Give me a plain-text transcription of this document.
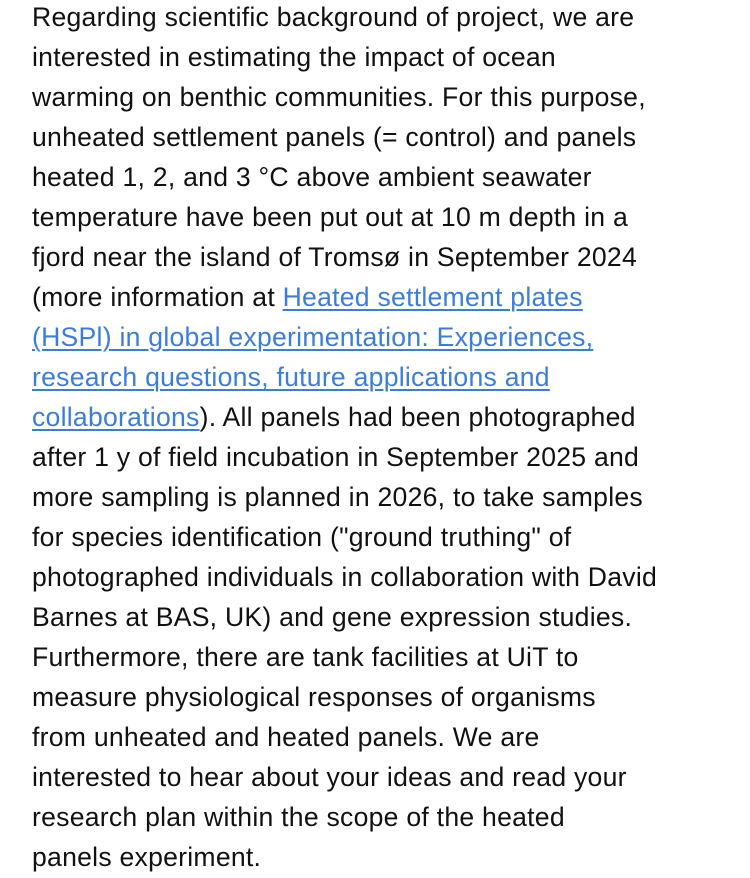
Regarding scientific background of project, we are
interested in estimating the impact of ocean
warming on benthic communities. For this purpose,
unheated settlement panels (= control) and panels
heated 1, 2, and 3 °C above ambient seawater
temperature have been put out at 10 m depth in a
fjord near the island of Tromsø in September 2024
(more information at Heated settlement plates
(HSPl) in global experimentation: Experiences,
research questions, future applications and
collaborations). All panels had been photographed
after 1 y of field incubation in September 2025 and
more sampling is planned in 2026, to take samples
for species identification ("ground truthing" of
photographed individuals in collaboration with David
Barnes at BAS, UK) and gene expression studies.
Furthermore, there are tank facilities at UiT to
measure physiological responses of organisms
from unheated and heated panels. We are
interested to hear about your ideas and read your
research plan within the scope of the heated
panels experiment.
